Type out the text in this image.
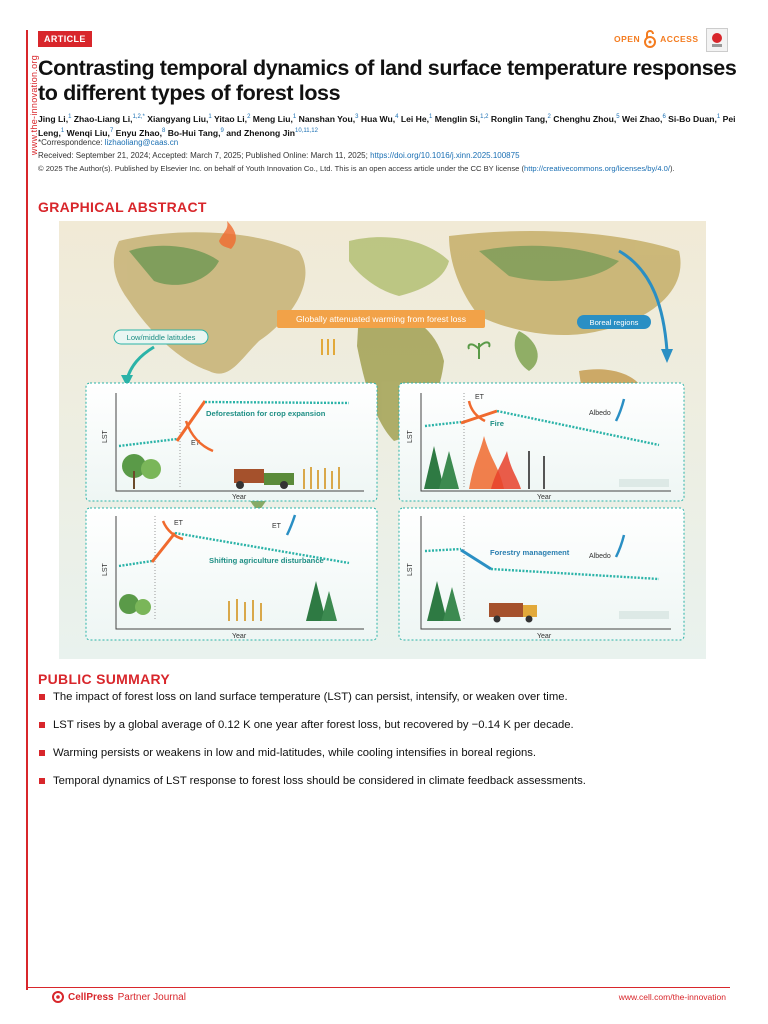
www.the-innovation.org
ARTICLE	OPEN ACCESS
Contrasting temporal dynamics of land surface temperature responses to different types of forest loss
Jing Li,$^1$ Zhao-Liang Li,$^{1,2,*}$ Xiangyang Liu,$^1$ Yitao Li,$^2$ Meng Liu,$^1$ Nanshan You,$^3$ Hua Wu,$^4$ Lei He,$^1$ Menglin Si,$^{1,2}$ Ronglin Tang,$^2$ Chenghu Zhou,$^5$ Wei Zhao,$^6$ Si-Bo Duan,$^1$ Pei Leng,$^1$ Wenqi Liu,$^7$ Enyu Zhao,$^8$ Bo-Hui Tang,$^9$ and Zhenong Jin$^{10,11,12}$
*Correspondence: lizhaoliang@caas.cn
Received: September 21, 2024; Accepted: March 7, 2025; Published Online: March 11, 2025; https://doi.org/10.1016/j.xinn.2025.100875
© 2025 The Author(s). Published by Elsevier Inc. on behalf of Youth Innovation Co., Ltd. This is an open access article under the CC BY license (http://creativecommons.org/licenses/by/4.0/).
GRAPHICAL ABSTRACT
Globally attenuated warming from forest loss
Low/middle latitudes
Boreal regions
Deforestation for crop expansion
ET
LST
Year
ET	ET
Shifting agriculture disturbance
LST
Year
ET
Albedo
Fire
LST
Year
Forestry management	Albedo
LST
Year
PUBLIC SUMMARY
The impact of forest loss on land surface temperature (LST) can persist, intensify, or weaken over time.
LST rises by a global average of 0.12 K one year after forest loss, but recovered by −0.14 K per decade.
Warming persists or weakens in low and mid-latitudes, while cooling intensifies in boreal regions.
Temporal dynamics of LST response to forest loss should be considered in climate feedback assessments.
CellPress Partner Journal	www.cell.com/the-innovation
